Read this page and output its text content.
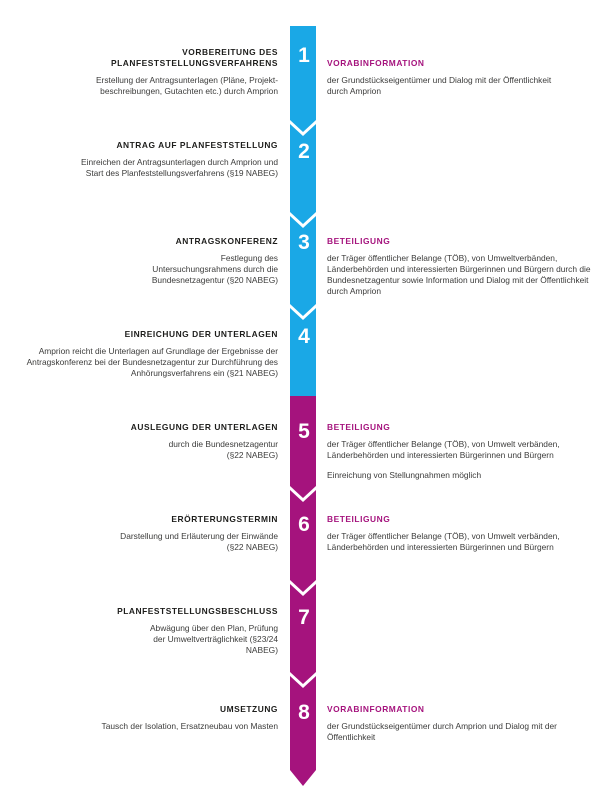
1
2
3
4
5
6
7
8
VORBEREITUNG DES PLANFESTSTELLUNGSVERFAHRENS
Erstellung der Antragsunterlagen (Pläne, Projekt-beschreibungen, Gutachten etc.) durch Amprion
ANTRAG AUF PLANFESTSTELLUNG
Einreichen der Antragsunterlagen durch Amprion und Start des Planfeststellungsverfahrens (§19 NABEG)
ANTRAGSKONFERENZ
Festlegung des Untersuchungsrahmens durch die Bundesnetzagentur (§20 NABEG)
EINREICHUNG DER UNTERLAGEN
Amprion reicht die Unterlagen auf Grundlage der Ergebnisse der Antragskonferenz bei der Bundesnetzagentur zur Durchführung des Anhörungsverfahrens ein (§21 NABEG)
AUSLEGUNG DER UNTERLAGEN
durch die Bundesnetzagentur (§22 NABEG)
ERÖRTERUNGSTERMIN
Darstellung und Erläuterung der Einwände (§22 NABEG)
PLANFESTSTELLUNGSBESCHLUSS
Abwägung über den Plan, Prüfung der Umweltverträglichkeit (§23/24 NABEG)
UMSETZUNG
Tausch der Isolation, Ersatzneubau von Masten
VORABINFORMATION
der Grundstückseigentümer und Dialog mit der Öffentlichkeit durch Amprion
BETEILIGUNG
der Träger öffentlicher Belange (TÖB), von Umweltverbänden, Länderbehörden und interessierten Bürgerinnen und Bürgern durch die Bundesnetzagentur sowie Information und Dialog mit der Öffentlichkeit durch Amprion
BETEILIGUNG
der Träger öffentlicher Belange (TÖB), von Umwelt verbänden, Länderbehörden und interessierten Bürgerinnen und Bürgern
Einreichung von Stellungnahmen möglich
BETEILIGUNG
der Träger öffentlicher Belange (TÖB), von Umwelt verbänden, Länderbehörden und interessierten Bürgerinnen und Bürgern
VORABINFORMATION
der Grundstückseigentümer durch Amprion und Dialog mit der Öffentlichkeit
